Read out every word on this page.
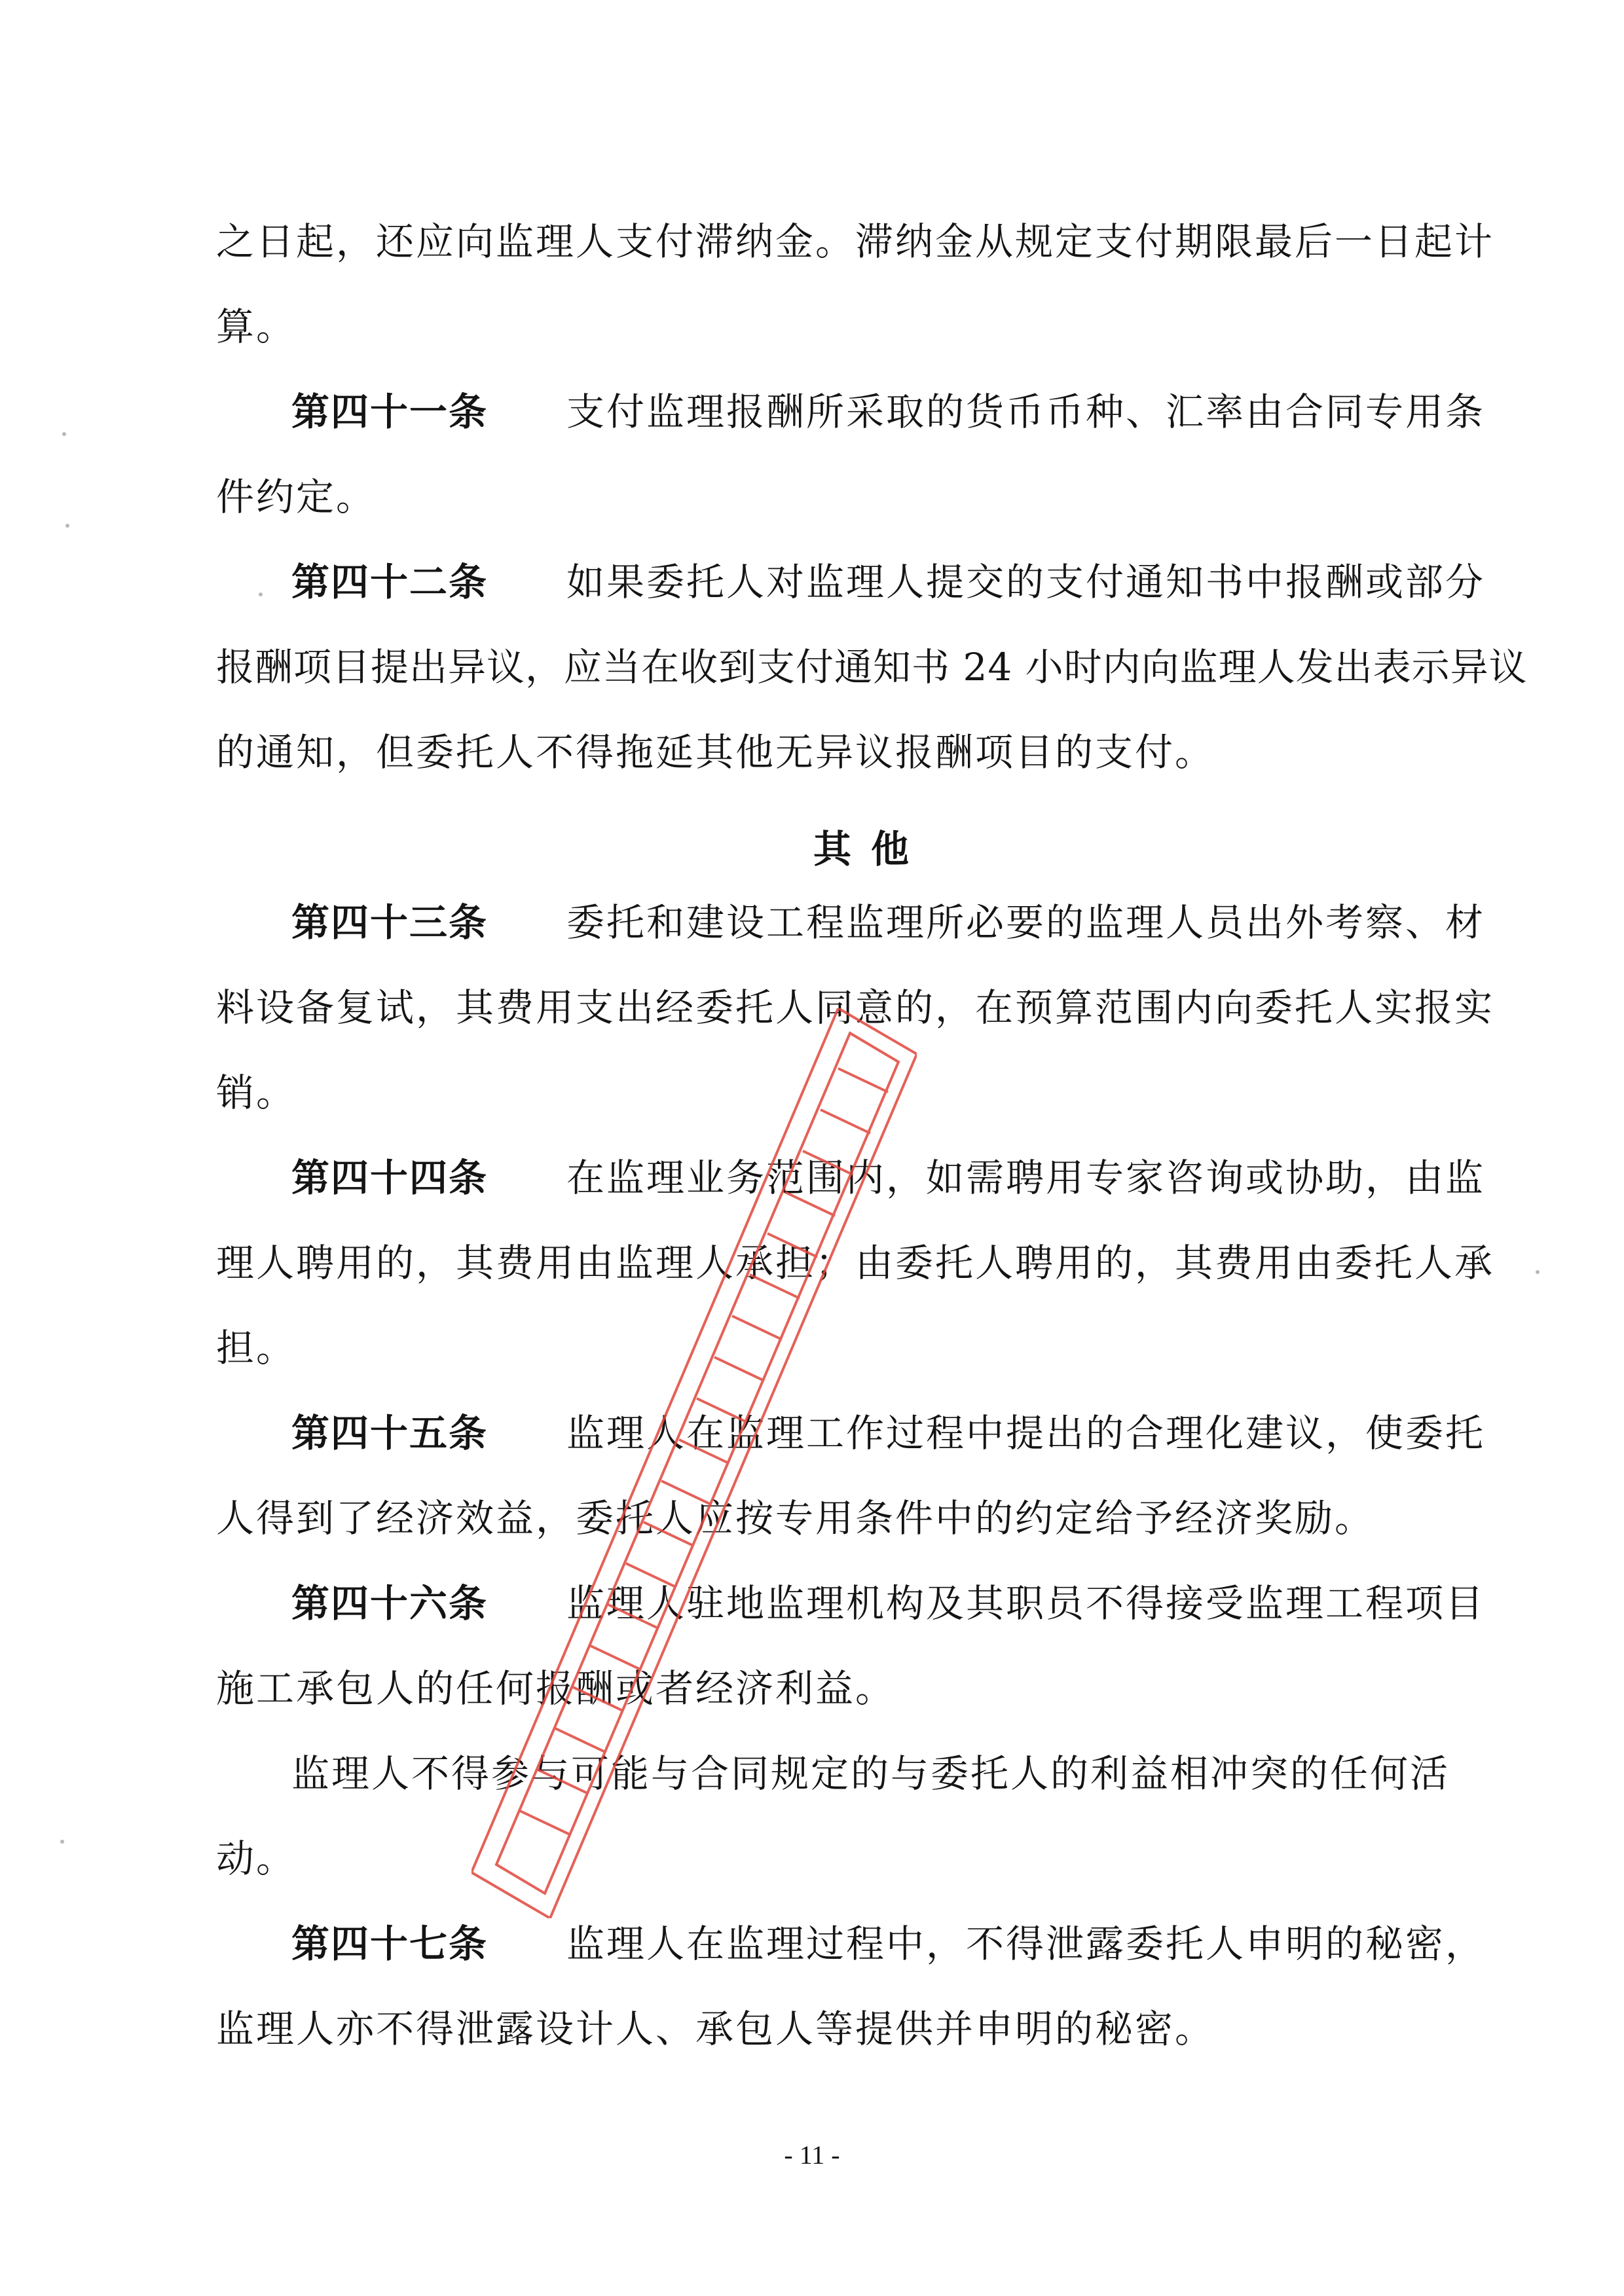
之日起，还应向监理人支付滞纳金。滞纳金从规定支付期限最后一日起计
算。
第四十一条 支付监理报酬所采取的货币币种、汇率由合同专用条
件约定。
第四十二条 如果委托人对监理人提交的支付通知书中报酬或部分
报酬项目提出异议，应当在收到支付通知书 24 小时内向监理人发出表示异议
的通知，但委托人不得拖延其他无异议报酬项目的支付。
其他
第四十三条 委托和建设工程监理所必要的监理人员出外考察、材
料设备复试，其费用支出经委托人同意的，在预算范围内向委托人实报实
销。
第四十四条 在监理业务范围内，如需聘用专家咨询或协助，由监
理人聘用的，其费用由监理人承担；由委托人聘用的，其费用由委托人承
担。
第四十五条 监理人在监理工作过程中提出的合理化建议，使委托
人得到了经济效益，委托人应按专用条件中的约定给予经济奖励。
第四十六条 监理人驻地监理机构及其职员不得接受监理工程项目
施工承包人的任何报酬或者经济利益。
监理人不得参与可能与合同规定的与委托人的利益相冲突的任何活
动。
第四十七条 监理人在监理过程中，不得泄露委托人申明的秘密，
监理人亦不得泄露设计人、承包人等提供并申明的秘密。
- 11 -
